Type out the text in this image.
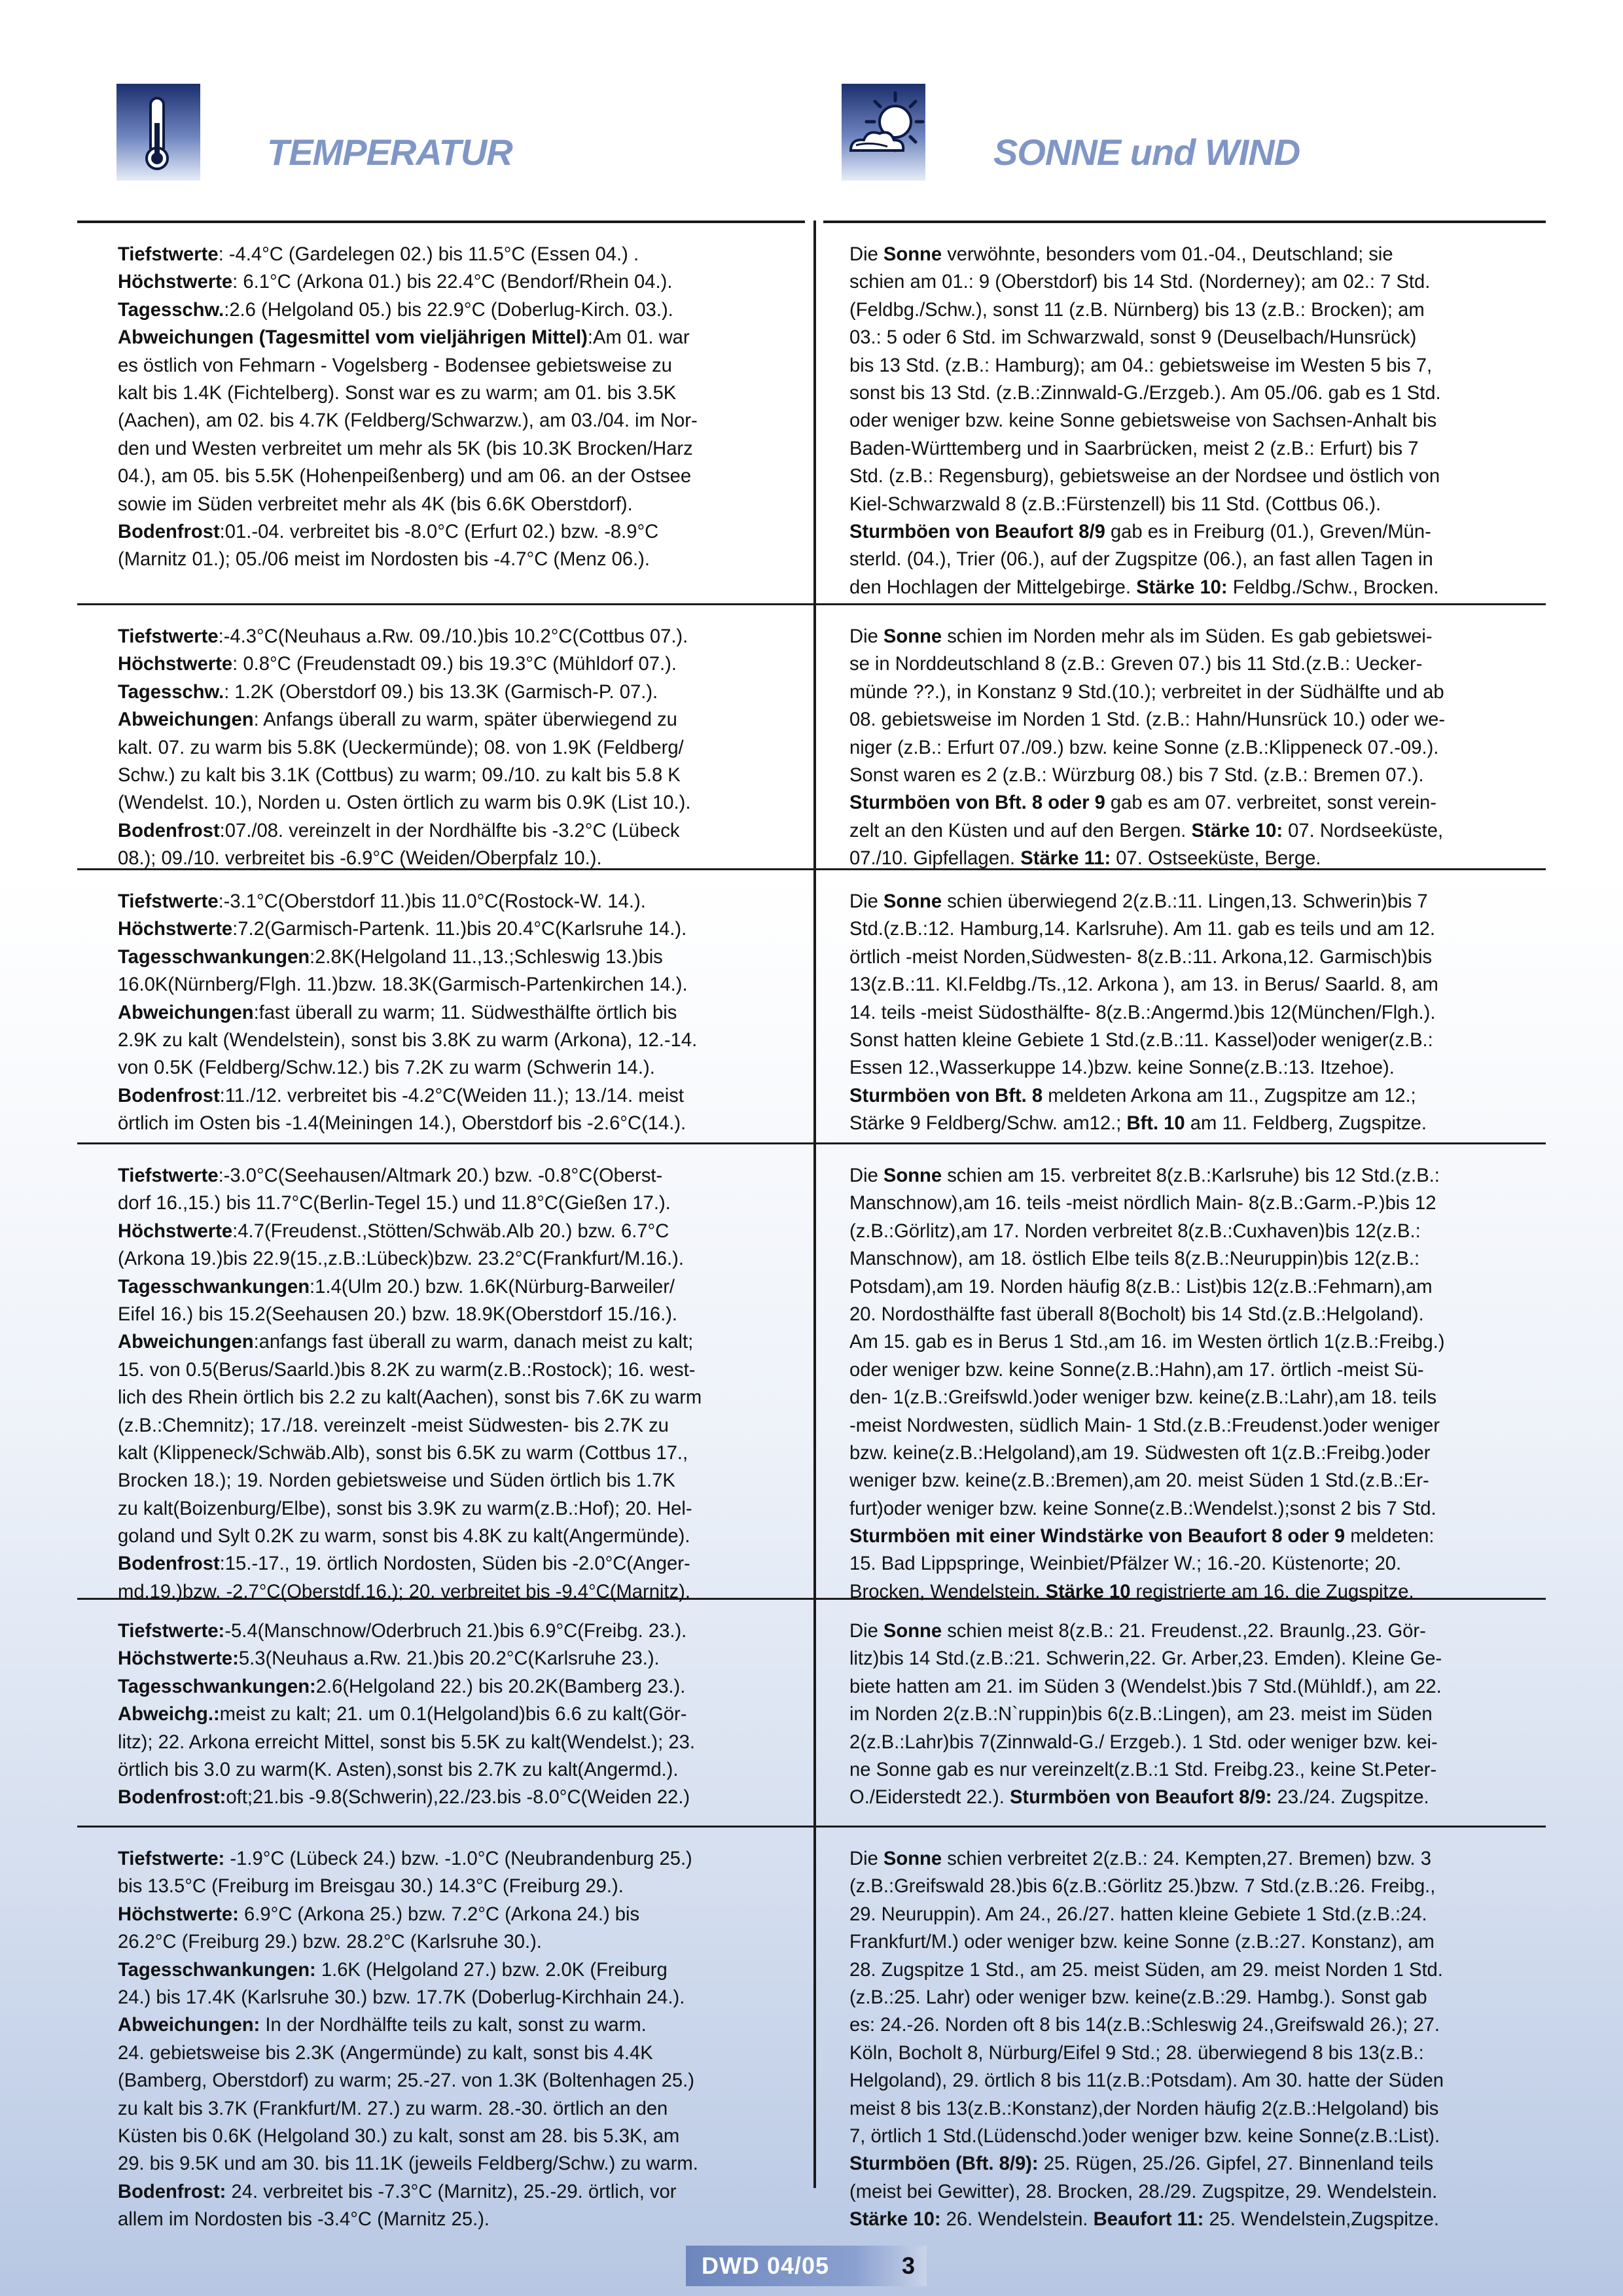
TEMPERATUR	SONNE und WIND
Tiefstwerte: -4.4°C (Gardelegen 02.) bis 11.5°C (Essen 04.) .
Höchstwerte: 6.1°C (Arkona 01.) bis 22.4°C (Bendorf/Rhein 04.).
Tagesschw.:2.6 (Helgoland 05.) bis 22.9°C (Doberlug-Kirch. 03.).
Abweichungen (Tagesmittel vom vieljährigen Mittel):Am 01. war
es östlich von Fehmarn - Vogelsberg - Bodensee gebietsweise zu
kalt bis 1.4K (Fichtelberg). Sonst war es zu warm; am 01. bis 3.5K
(Aachen), am 02. bis 4.7K (Feldberg/Schwarzw.), am 03./04. im Nor-
den und Westen verbreitet um mehr als 5K (bis 10.3K Brocken/Harz
04.), am 05. bis 5.5K (Hohenpeißenberg) und am 06. an der Ostsee
sowie im Süden verbreitet mehr als 4K (bis 6.6K Oberstdorf).
Bodenfrost:01.-04. verbreitet bis -8.0°C (Erfurt 02.) bzw. -8.9°C
(Marnitz 01.); 05./06 meist im Nordosten bis -4.7°C (Menz 06.).
Die Sonne verwöhnte, besonders vom 01.-04., Deutschland; sie
schien am 01.: 9 (Oberstdorf) bis 14 Std. (Norderney); am 02.: 7 Std.
(Feldbg./Schw.), sonst 11 (z.B. Nürnberg) bis 13 (z.B.: Brocken); am
03.: 5 oder 6 Std. im Schwarzwald, sonst 9 (Deuselbach/Hunsrück)
bis 13 Std. (z.B.: Hamburg); am 04.: gebietsweise im Westen 5 bis 7,
sonst bis 13 Std. (z.B.:Zinnwald-G./Erzgeb.). Am 05./06. gab es 1 Std.
oder weniger bzw. keine Sonne gebietsweise von Sachsen-Anhalt bis
Baden-Württemberg und in Saarbrücken, meist 2 (z.B.: Erfurt) bis 7
Std. (z.B.: Regensburg), gebietsweise an der Nordsee und östlich von
Kiel-Schwarzwald 8 (z.B.:Fürstenzell) bis 11 Std. (Cottbus 06.).
Sturmböen von Beaufort 8/9 gab es in Freiburg (01.), Greven/Mün-
sterld. (04.), Trier (06.), auf der Zugspitze (06.), an fast allen Tagen in
den Hochlagen der Mittelgebirge. Stärke 10: Feldbg./Schw., Brocken.
Tiefstwerte:-4.3°C(Neuhaus a.Rw. 09./10.)bis 10.2°C(Cottbus 07.).
Höchstwerte: 0.8°C (Freudenstadt 09.) bis 19.3°C (Mühldorf 07.).
Tagesschw.: 1.2K (Oberstdorf 09.) bis 13.3K (Garmisch-P. 07.).
Abweichungen: Anfangs überall zu warm, später überwiegend zu
kalt. 07. zu warm bis 5.8K (Ueckermünde); 08. von 1.9K (Feldberg/
Schw.) zu kalt bis 3.1K (Cottbus) zu warm; 09./10. zu kalt bis 5.8 K
(Wendelst. 10.), Norden u. Osten örtlich zu warm bis 0.9K (List 10.).
Bodenfrost:07./08. vereinzelt in der Nordhälfte bis -3.2°C (Lübeck
08.); 09./10. verbreitet bis -6.9°C (Weiden/Oberpfalz 10.).
Die Sonne schien im Norden mehr als im Süden. Es gab gebietswei-
se in Norddeutschland 8 (z.B.: Greven 07.) bis 11 Std.(z.B.: Uecker-
münde ??.), in Konstanz 9 Std.(10.); verbreitet in der Südhälfte und ab
08. gebietsweise im Norden 1 Std. (z.B.: Hahn/Hunsrück 10.) oder we-
niger (z.B.: Erfurt 07./09.) bzw. keine Sonne (z.B.:Klippeneck 07.-09.).
Sonst waren es 2 (z.B.: Würzburg 08.) bis 7 Std. (z.B.: Bremen 07.).
Sturmböen von Bft. 8 oder 9 gab es am 07. verbreitet, sonst verein-
zelt an den Küsten und auf den Bergen. Stärke 10: 07. Nordseeküste,
07./10. Gipfellagen. Stärke 11: 07. Ostseeküste, Berge.
Tiefstwerte:-3.1°C(Oberstdorf 11.)bis 11.0°C(Rostock-W. 14.).
Höchstwerte:7.2(Garmisch-Partenk. 11.)bis 20.4°C(Karlsruhe 14.).
Tagesschwankungen:2.8K(Helgoland 11.,13.;Schleswig 13.)bis
16.0K(Nürnberg/Flgh. 11.)bzw. 18.3K(Garmisch-Partenkirchen 14.).
Abweichungen:fast überall zu warm; 11. Südwesthälfte örtlich bis
2.9K zu kalt (Wendelstein), sonst bis 3.8K zu warm (Arkona), 12.-14.
von 0.5K (Feldberg/Schw.12.) bis 7.2K zu warm (Schwerin 14.).
Bodenfrost:11./12. verbreitet bis -4.2°C(Weiden 11.); 13./14. meist
örtlich im Osten bis -1.4(Meiningen 14.), Oberstdorf bis -2.6°C(14.).
Die Sonne schien überwiegend 2(z.B.:11. Lingen,13. Schwerin)bis 7
Std.(z.B.:12. Hamburg,14. Karlsruhe). Am 11. gab es teils und am 12.
örtlich -meist Norden,Südwesten- 8(z.B.:11. Arkona,12. Garmisch)bis
13(z.B.:11. Kl.Feldbg./Ts.,12. Arkona ), am 13. in Berus/ Saarld. 8, am
14. teils -meist Südosthälfte- 8(z.B.:Angermd.)bis 12(München/Flgh.).
Sonst hatten kleine Gebiete 1 Std.(z.B.:11. Kassel)oder weniger(z.B.:
Essen 12.,Wasserkuppe 14.)bzw. keine Sonne(z.B.:13. Itzehoe).
Sturmböen von Bft. 8 meldeten Arkona am 11., Zugspitze am 12.;
Stärke 9 Feldberg/Schw. am12.; Bft. 10 am 11. Feldberg, Zugspitze.
Tiefstwerte:-3.0°C(Seehausen/Altmark 20.) bzw. -0.8°C(Oberst-
dorf 16.,15.) bis 11.7°C(Berlin-Tegel 15.) und 11.8°C(Gießen 17.).
Höchstwerte:4.7(Freudenst.,Stötten/Schwäb.Alb 20.) bzw. 6.7°C
(Arkona 19.)bis 22.9(15.,z.B.:Lübeck)bzw. 23.2°C(Frankfurt/M.16.).
Tagesschwankungen:1.4(Ulm 20.) bzw. 1.6K(Nürburg-Barweiler/
Eifel 16.) bis 15.2(Seehausen 20.) bzw. 18.9K(Oberstdorf 15./16.).
Abweichungen:anfangs fast überall zu warm, danach meist zu kalt;
15. von 0.5(Berus/Saarld.)bis 8.2K zu warm(z.B.:Rostock); 16. west-
lich des Rhein örtlich bis 2.2 zu kalt(Aachen), sonst bis 7.6K zu warm
(z.B.:Chemnitz); 17./18. vereinzelt -meist Südwesten- bis 2.7K zu
kalt (Klippeneck/Schwäb.Alb), sonst bis 6.5K zu warm (Cottbus 17.,
Brocken 18.); 19. Norden gebietsweise und Süden örtlich bis 1.7K
zu kalt(Boizenburg/Elbe), sonst bis 3.9K zu warm(z.B.:Hof); 20. Hel-
goland und Sylt 0.2K zu warm, sonst bis 4.8K zu kalt(Angermünde).
Bodenfrost:15.-17., 19. örtlich Nordosten, Süden bis -2.0°C(Anger-
md.19.)bzw. -2.7°C(Oberstdf.16.); 20. verbreitet bis -9.4°C(Marnitz).
Die Sonne schien am 15. verbreitet 8(z.B.:Karlsruhe) bis 12 Std.(z.B.:
Manschnow),am 16. teils -meist nördlich Main- 8(z.B.:Garm.-P.)bis 12
(z.B.:Görlitz),am 17. Norden verbreitet 8(z.B.:Cuxhaven)bis 12(z.B.:
Manschnow), am 18. östlich Elbe teils 8(z.B.:Neuruppin)bis 12(z.B.:
Potsdam),am 19. Norden häufig 8(z.B.: List)bis 12(z.B.:Fehmarn),am
20. Nordosthälfte fast überall 8(Bocholt) bis 14 Std.(z.B.:Helgoland).
Am 15. gab es in Berus 1 Std.,am 16. im Westen örtlich 1(z.B.:Freibg.)
oder weniger bzw. keine Sonne(z.B.:Hahn),am 17. örtlich -meist Sü-
den- 1(z.B.:Greifswld.)oder weniger bzw. keine(z.B.:Lahr),am 18. teils
-meist Nordwesten, südlich Main- 1 Std.(z.B.:Freudenst.)oder weniger
bzw. keine(z.B.:Helgoland),am 19. Südwesten oft 1(z.B.:Freibg.)oder
weniger bzw. keine(z.B.:Bremen),am 20. meist Süden 1 Std.(z.B.:Er-
furt)oder weniger bzw. keine Sonne(z.B.:Wendelst.);sonst 2 bis 7 Std.
Sturmböen mit einer Windstärke von Beaufort 8 oder 9 meldeten:
15. Bad Lippspringe, Weinbiet/Pfälzer W.; 16.-20. Küstenorte; 20.
Brocken, Wendelstein. Stärke 10 registrierte am 16. die Zugspitze.
Tiefstwerte:-5.4(Manschnow/Oderbruch 21.)bis 6.9°C(Freibg. 23.).
Höchstwerte:5.3(Neuhaus a.Rw. 21.)bis 20.2°C(Karlsruhe 23.).
Tagesschwankungen:2.6(Helgoland 22.) bis 20.2K(Bamberg 23.).
Abweichg.:meist zu kalt; 21. um 0.1(Helgoland)bis 6.6 zu kalt(Gör-
litz); 22. Arkona erreicht Mittel, sonst bis 5.5K zu kalt(Wendelst.); 23.
örtlich bis 3.0 zu warm(K. Asten),sonst bis 2.7K zu kalt(Angermd.).
Bodenfrost:oft;21.bis -9.8(Schwerin),22./23.bis -8.0°C(Weiden 22.)
Die Sonne schien meist 8(z.B.: 21. Freudenst.,22. Braunlg.,23. Gör-
litz)bis 14 Std.(z.B.:21. Schwerin,22. Gr. Arber,23. Emden). Kleine Ge-
biete hatten am 21. im Süden 3 (Wendelst.)bis 7 Std.(Mühldf.), am 22.
im Norden 2(z.B.:N`ruppin)bis 6(z.B.:Lingen), am 23. meist im Süden
2(z.B.:Lahr)bis 7(Zinnwald-G./ Erzgeb.). 1 Std. oder weniger bzw. kei-
ne Sonne gab es nur vereinzelt(z.B.:1 Std. Freibg.23., keine St.Peter-
O./Eiderstedt 22.). Sturmböen von Beaufort 8/9: 23./24. Zugspitze.
Tiefstwerte: -1.9°C (Lübeck 24.) bzw. -1.0°C (Neubrandenburg 25.)
bis 13.5°C (Freiburg im Breisgau 30.) 14.3°C (Freiburg 29.).
Höchstwerte: 6.9°C (Arkona 25.) bzw. 7.2°C (Arkona 24.) bis
26.2°C (Freiburg 29.) bzw. 28.2°C (Karlsruhe 30.).
Tagesschwankungen: 1.6K (Helgoland 27.) bzw. 2.0K (Freiburg
24.) bis 17.4K (Karlsruhe 30.) bzw. 17.7K (Doberlug-Kirchhain 24.).
Abweichungen: In der Nordhälfte teils zu kalt, sonst zu warm.
24. gebietsweise bis 2.3K (Angermünde) zu kalt, sonst bis 4.4K
(Bamberg, Oberstdorf) zu warm; 25.-27. von 1.3K (Boltenhagen 25.)
zu kalt bis 3.7K (Frankfurt/M. 27.) zu warm. 28.-30. örtlich an den
Küsten bis 0.6K (Helgoland 30.) zu kalt, sonst am 28. bis 5.3K, am
29. bis 9.5K und am 30. bis 11.1K (jeweils Feldberg/Schw.) zu warm.
Bodenfrost: 24. verbreitet bis -7.3°C (Marnitz), 25.-29. örtlich, vor
allem im Nordosten bis -3.4°C (Marnitz 25.).
Die Sonne schien verbreitet 2(z.B.: 24. Kempten,27. Bremen) bzw. 3
(z.B.:Greifswald 28.)bis 6(z.B.:Görlitz 25.)bzw. 7 Std.(z.B.:26. Freibg.,
29. Neuruppin). Am 24., 26./27. hatten kleine Gebiete 1 Std.(z.B.:24.
Frankfurt/M.) oder weniger bzw. keine Sonne (z.B.:27. Konstanz), am
28. Zugspitze 1 Std., am 25. meist Süden, am 29. meist Norden 1 Std.
(z.B.:25. Lahr) oder weniger bzw. keine(z.B.:29. Hambg.). Sonst gab
es: 24.-26. Norden oft 8 bis 14(z.B.:Schleswig 24.,Greifswald 26.); 27.
Köln, Bocholt 8, Nürburg/Eifel 9 Std.; 28. überwiegend 8 bis 13(z.B.:
Helgoland), 29. örtlich 8 bis 11(z.B.:Potsdam). Am 30. hatte der Süden
meist 8 bis 13(z.B.:Konstanz),der Norden häufig 2(z.B.:Helgoland) bis
7, örtlich 1 Std.(Lüdenschd.)oder weniger bzw. keine Sonne(z.B.:List).
Sturmböen (Bft. 8/9): 25. Rügen, 25./26. Gipfel, 27. Binnenland teils
(meist bei Gewitter), 28. Brocken, 28./29. Zugspitze, 29. Wendelstein.
Stärke 10: 26. Wendelstein. Beaufort 11: 25. Wendelstein,Zugspitze.
DWD 04/05	3
